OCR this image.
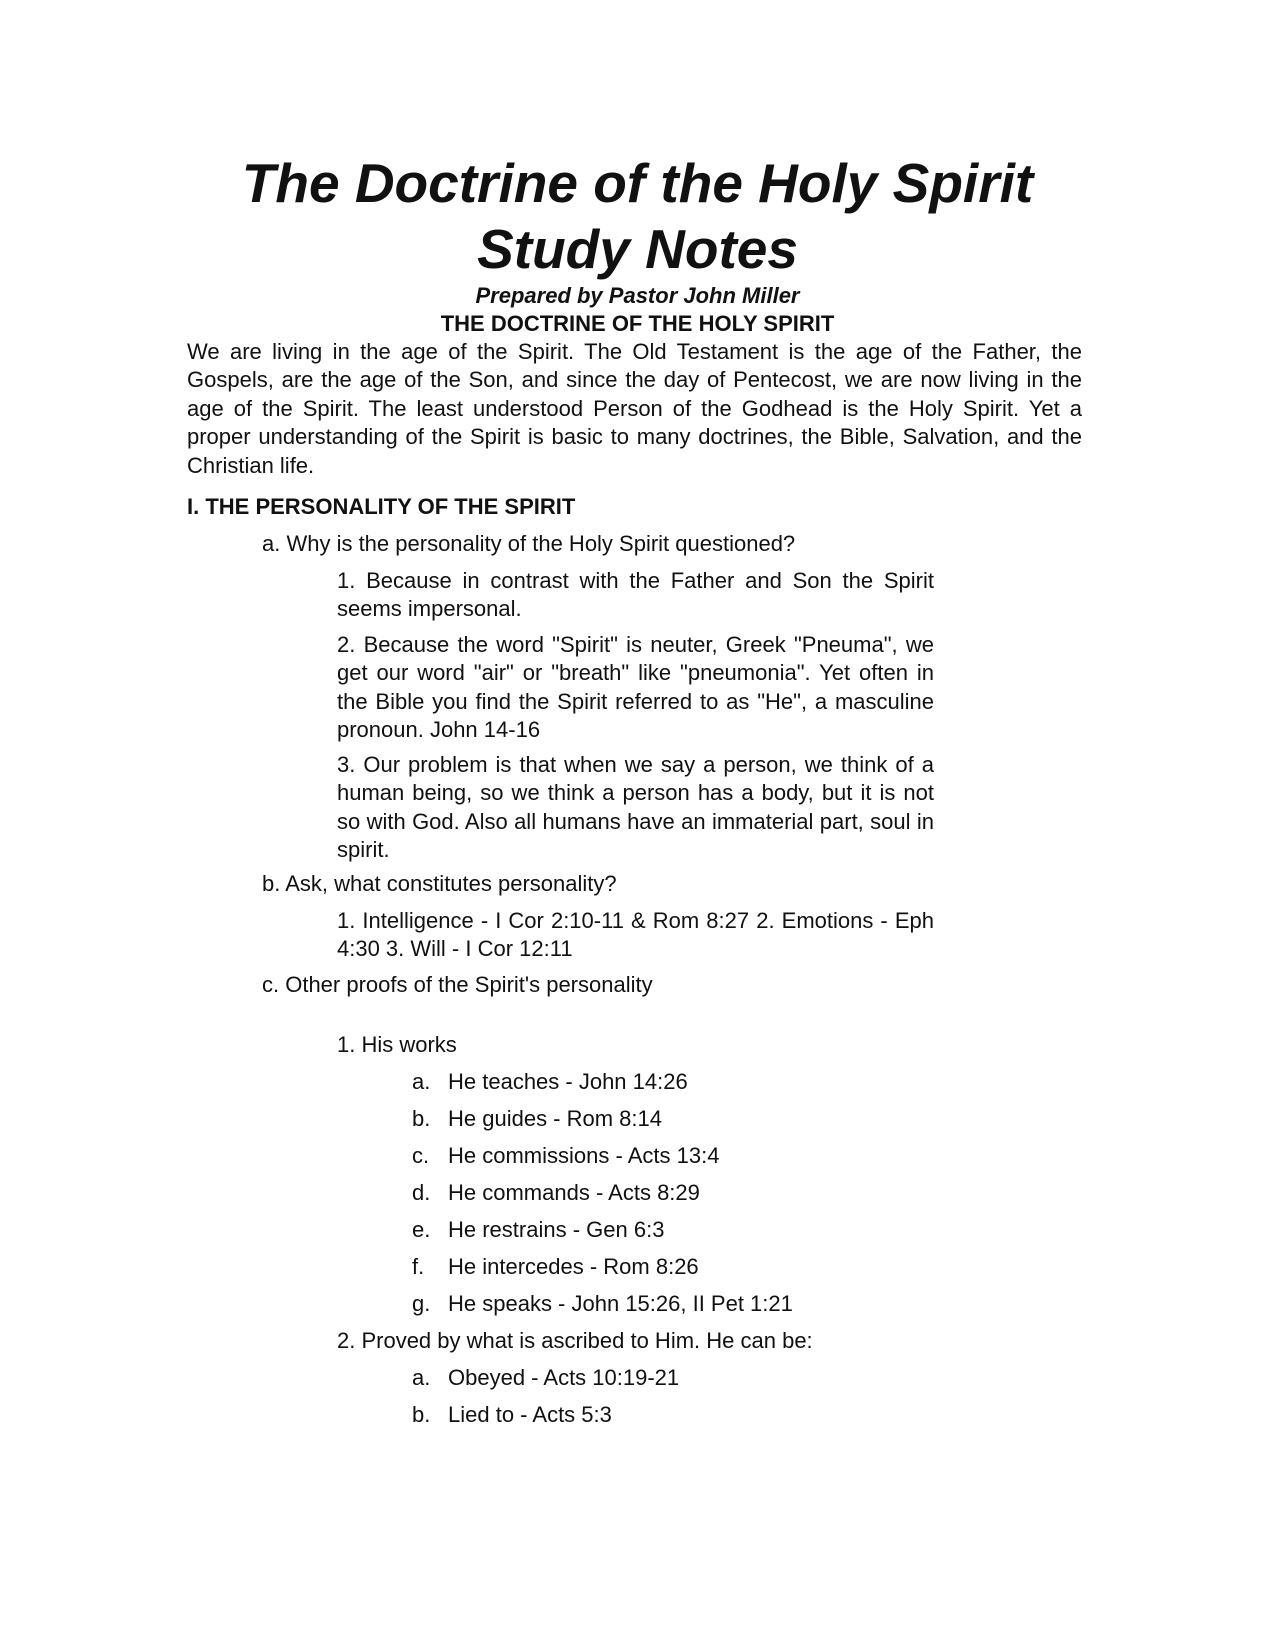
The Doctrine of the Holy Spirit
Study Notes
Prepared by Pastor John Miller
THE DOCTRINE OF THE HOLY SPIRIT

We are living in the age of the Spirit. The Old Testament is the age of the Father, the Gospels, are the age of the Son, and since the day of Pentecost, we are now living in the age of the Spirit. The least understood Person of the Godhead is the Holy Spirit. Yet a proper understanding of the Spirit is basic to many doctrines, the Bible, Salvation, and the Christian life.

I. THE PERSONALITY OF THE SPIRIT
a. Why is the personality of the Holy Spirit questioned?

1. Because in contrast with the Father and Son the Spirit seems impersonal.

2. Because the word "Spirit" is neuter, Greek "Pneuma", we get our word "air" or "breath" like "pneumonia". Yet often in the Bible you find the Spirit referred to as "He", a masculine pronoun. John 14-16

3. Our problem is that when we say a person, we think of a human being, so we think a person has a body, but it is not so with God. Also all humans have an immaterial part, soul in spirit.

b. Ask, what constitutes personality?

1. Intelligence - I Cor 2:10-11 & Rom 8:27 2. Emotions - Eph 4:30 3. Will - I Cor 12:11

c. Other proofs of the Spirit's personality
1. His works
a. He teaches - John 14:26
b. He guides - Rom 8:14
c. He commissions - Acts 13:4
d. He commands - Acts 8:29
e. He restrains - Gen 6:3
f. He intercedes - Rom 8:26
g. He speaks - John 15:26, II Pet 1:21
2. Proved by what is ascribed to Him. He can be:
a. Obeyed - Acts 10:19-21
b. Lied to - Acts 5:3
